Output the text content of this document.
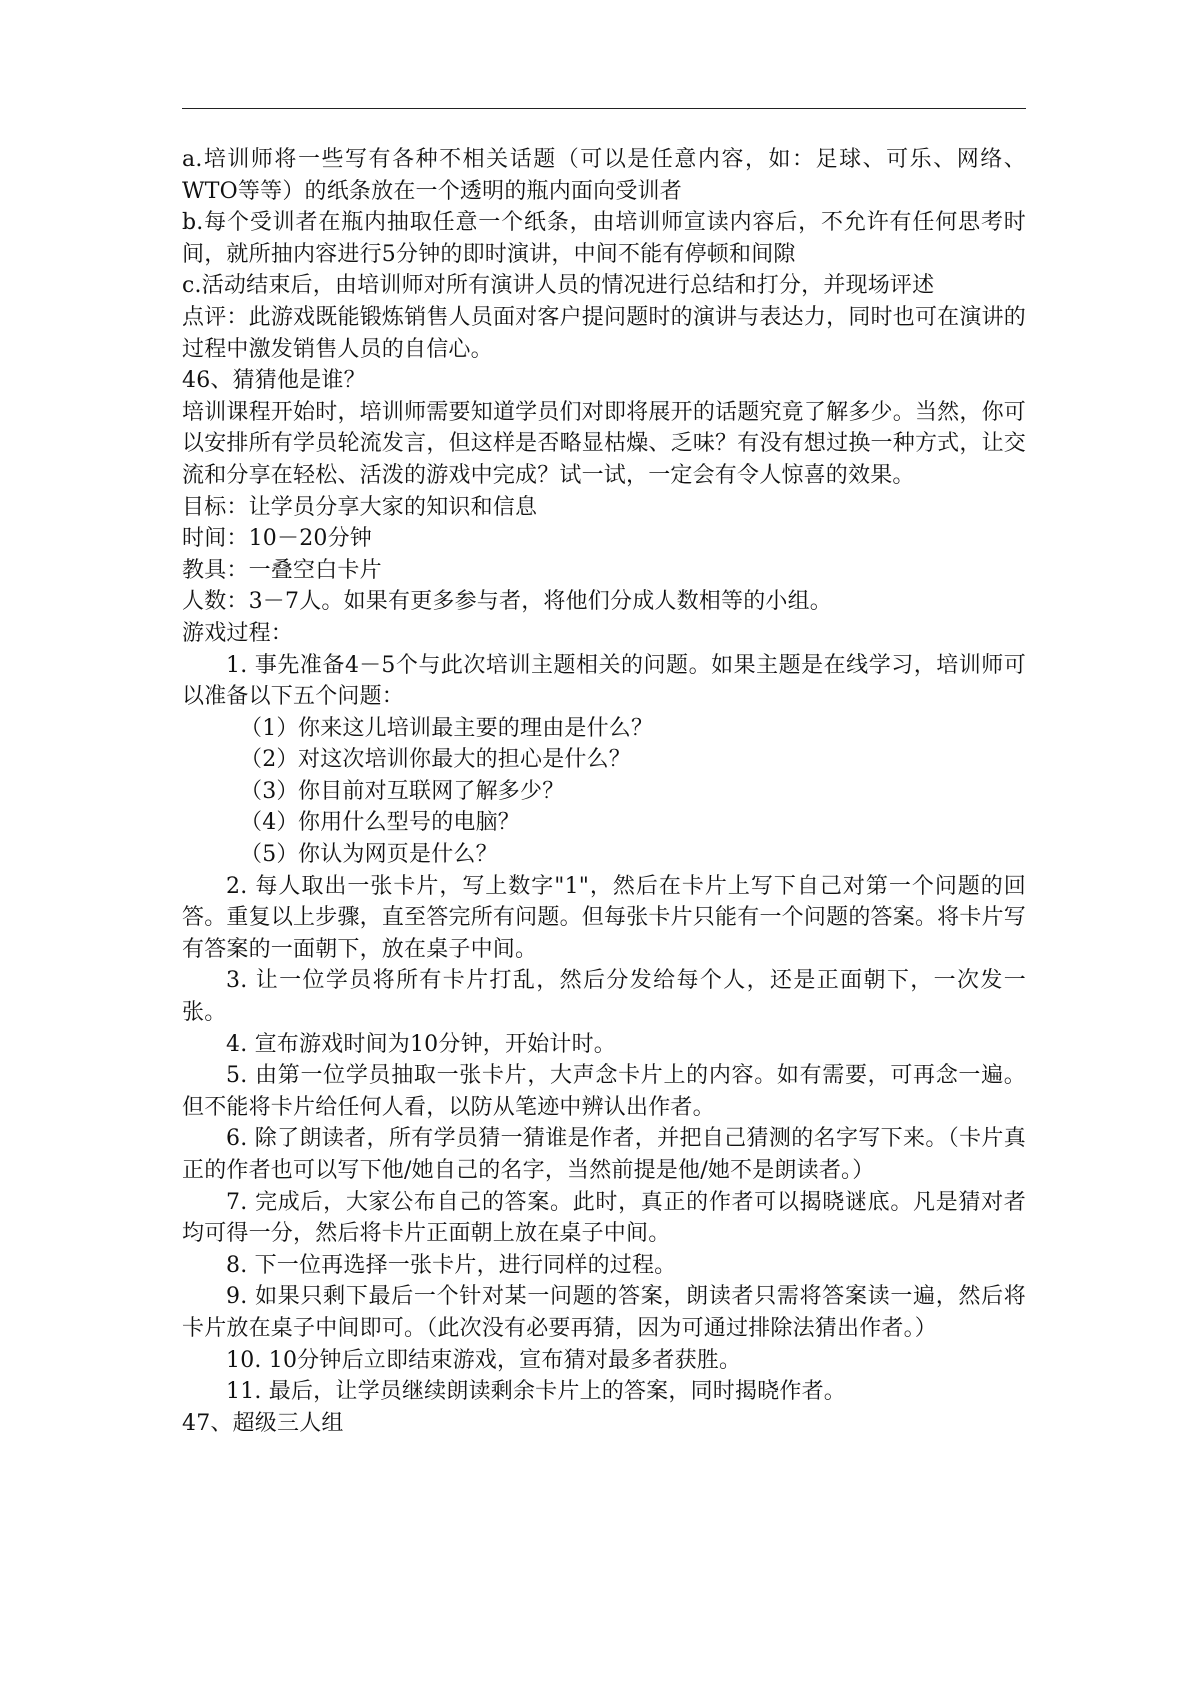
a.培训师将一些写有各种不相关话题（可以是任意内容，如：足球、可乐、网络、WTO等等）的纸条放在一个透明的瓶内面向受训者

b.每个受训者在瓶内抽取任意一个纸条，由培训师宣读内容后，不允许有任何思考时间，就所抽内容进行5分钟的即时演讲，中间不能有停顿和间隙

c.活动结束后，由培训师对所有演讲人员的情况进行总结和打分，并现场评述

点评：此游戏既能锻炼销售人员面对客户提问题时的演讲与表达力，同时也可在演讲的过程中激发销售人员的自信心。

46、猜猜他是谁？

培训课程开始时，培训师需要知道学员们对即将展开的话题究竟了解多少。当然，你可以安排所有学员轮流发言，但这样是否略显枯燥、乏味？有没有想过换一种方式，让交流和分享在轻松、活泼的游戏中完成？试一试，一定会有令人惊喜的效果。

目标：让学员分享大家的知识和信息

时间：10－20分钟

教具：一叠空白卡片

人数：3－7人。如果有更多参与者，将他们分成人数相等的小组。

游戏过程：

1. 事先准备4－5个与此次培训主题相关的问题。如果主题是在线学习，培训师可以准备以下五个问题：

（1）你来这儿培训最主要的理由是什么？

（2）对这次培训你最大的担心是什么？

（3）你目前对互联网了解多少？

（4）你用什么型号的电脑？

（5）你认为网页是什么？

2. 每人取出一张卡片，写上数字"1"，然后在卡片上写下自己对第一个问题的回答。重复以上步骤，直至答完所有问题。但每张卡片只能有一个问题的答案。将卡片写有答案的一面朝下，放在桌子中间。

3. 让一位学员将所有卡片打乱，然后分发给每个人，还是正面朝下，一次发一张。

4. 宣布游戏时间为10分钟，开始计时。

5. 由第一位学员抽取一张卡片，大声念卡片上的内容。如有需要，可再念一遍。但不能将卡片给任何人看，以防从笔迹中辨认出作者。

6. 除了朗读者，所有学员猜一猜谁是作者，并把自己猜测的名字写下来。（卡片真正的作者也可以写下他/她自己的名字，当然前提是他/她不是朗读者。）

7. 完成后，大家公布自己的答案。此时，真正的作者可以揭晓谜底。凡是猜对者均可得一分，然后将卡片正面朝上放在桌子中间。

8. 下一位再选择一张卡片，进行同样的过程。

9. 如果只剩下最后一个针对某一问题的答案，朗读者只需将答案读一遍，然后将卡片放在桌子中间即可。（此次没有必要再猜，因为可通过排除法猜出作者。）

10. 10分钟后立即结束游戏，宣布猜对最多者获胜。

11. 最后，让学员继续朗读剩余卡片上的答案，同时揭晓作者。

47、超级三人组
